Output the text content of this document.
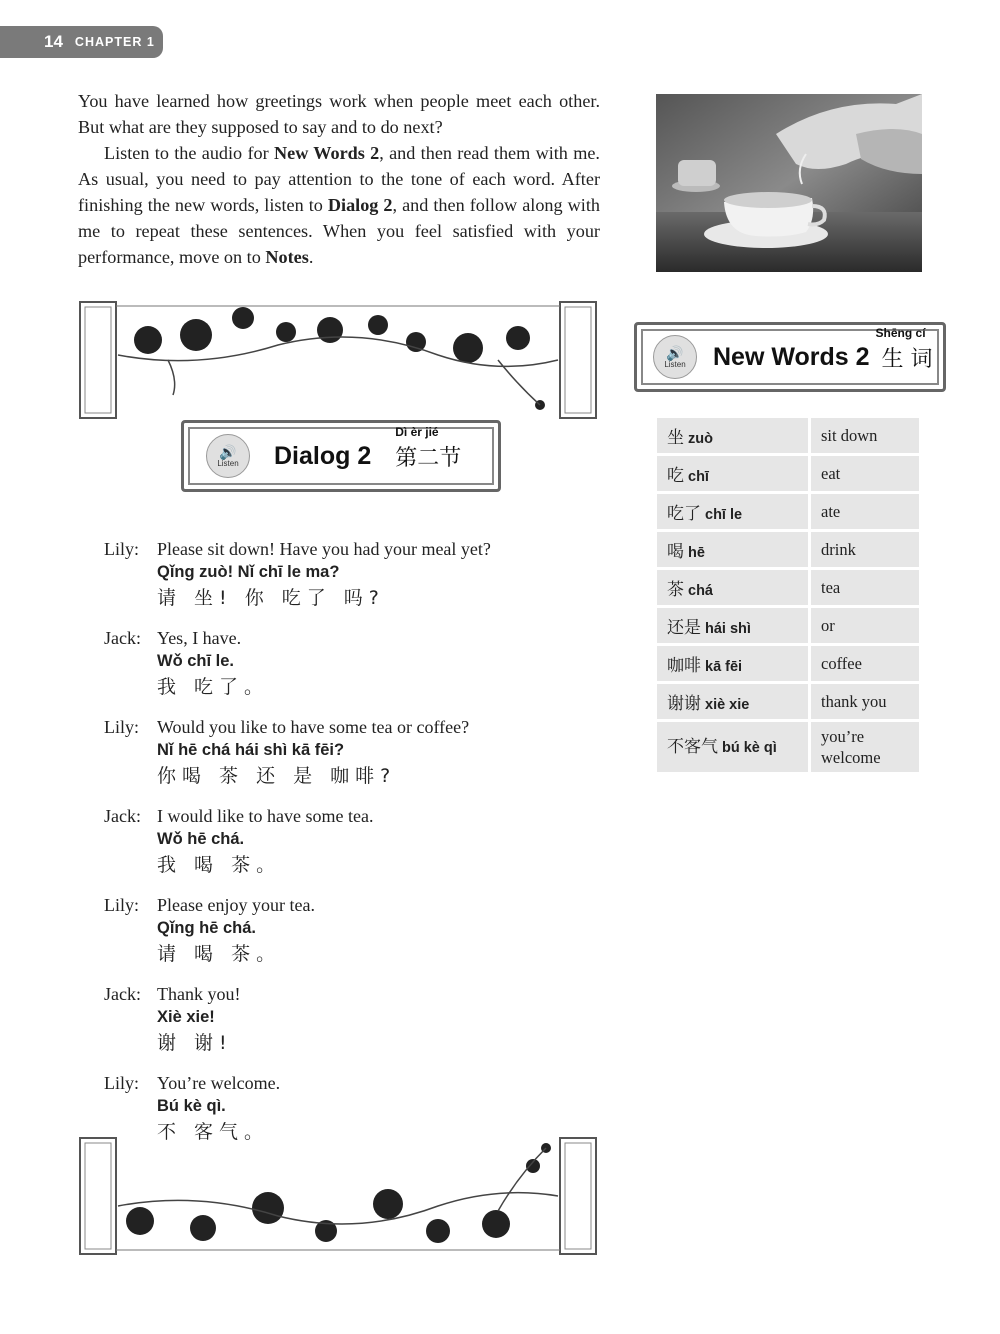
14 CHAPTER 1

You have learned how greetings work when people meet each other. But what are they supposed to say and to do next?

Listen to the audio for New Words 2, and then read them with me. As usual, you need to pay attention to the tone of each word. After finishing the new words, listen to Dialog 2, and then follow along with me to repeat these sentences. When you feel satisfied with your performance, move on to Notes.

🔊
Listen Dialog 2
Dì èr jié
第二节
Lily:	Please sit down! Have you had your meal yet?
Qǐng zuò! Nǐ chī le ma?
请 坐! 你 吃了 吗?
Jack: Yes, I have.
Wǒ chī le.
我 吃了。
Lily:	Would you like to have some tea or coffee?
Nǐ hē chá hái shì kā fēi?
你喝 茶 还 是 咖啡?
Jack: I would like to have some tea.
Wǒ hē chá.
我 喝 茶。
Lily:	Please enjoy your tea.
Qǐng hē chá.
请 喝 茶。
Jack: Thank you!
Xiè xie!
谢 谢!
Lily:	You’re welcome.
Bú kè qì.
不 客气。
🔊
Listen New Words 2
Shēng cí
生 词
坐 zuò	sit down
吃 chī	eat
吃了 chī le	ate
喝 hē	drink
茶 chá	tea
还是 hái shì	or
咖啡 kā fēi	coffee
谢谢 xiè xie	thank you
不客气 bú kè qì	you’re welcome
